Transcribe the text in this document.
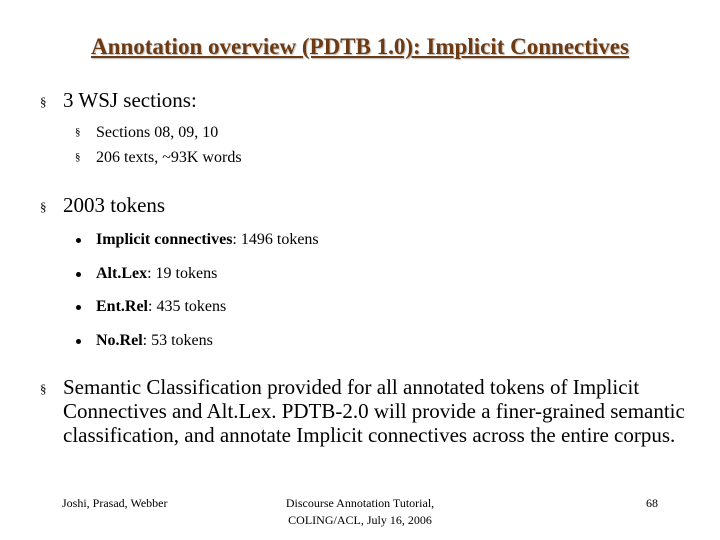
Annotation overview (PDTB 1.0): Implicit Connectives
§ 3 WSJ sections:
§ Sections 08, 09, 10
§ 206 texts, ~93K words
§ 2003 tokens
Implicit connectives: 1496 tokens
Alt.Lex: 19 tokens
Ent.Rel: 435 tokens
No.Rel: 53 tokens
§ Semantic Classification provided for all annotated tokens of Implicit Connectives and Alt.Lex. PDTB-2.0 will provide a finer-grained semantic classification, and annotate Implicit connectives across the entire corpus.
Joshi, Prasad, Webber	Discourse Annotation Tutorial,
COLING/ACL, July 16, 2006
68
